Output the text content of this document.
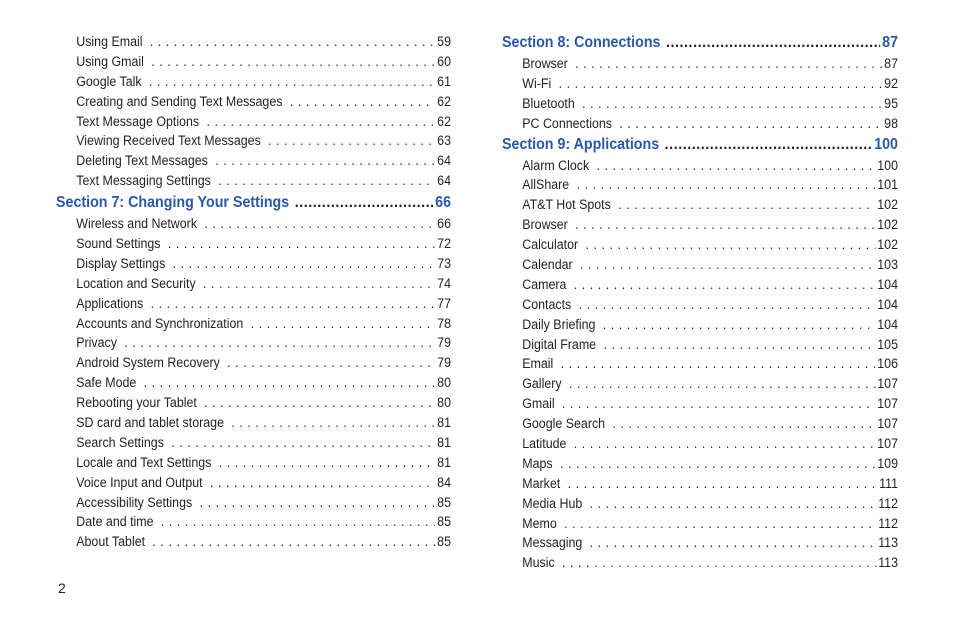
Using Email . . .	59
Using Gmail . . .	60
Google Talk . . .	61
Creating and Sending Text Messages . . .	62
Text Message Options . . .	62
Viewing Received Text Messages . . .	63
Deleting Text Messages . . .	64
Text Messaging Settings . . .	64
Section 7: Changing Your Settings .....	66
Wireless and Network . . .	66
Sound Settings . . .	72
Display Settings . . .	73
Location and Security . . .	74
Applications . . .	77
Accounts and Synchronization . . .	78
Privacy . . .	79
Android System Recovery . . .	79
Safe Mode . . .	80
Rebooting your Tablet . . .	80
SD card and tablet storage . . .	81
Search Settings . . .	81
Locale and Text Settings . . .	81
Voice Input and Output . . .	84
Accessibility Settings . . .	85
Date and time . . .	85
About Tablet . . .	85
Section 8: Connections .....	87
Browser . . .	87
Wi-Fi . . .	92
Bluetooth . . .	95
PC Connections . . .	98
Section 9: Applications .....	100
Alarm Clock . . .	100
AllShare . . .	101
AT&T Hot Spots . . .	102
Browser . . .	102
Calculator . . .	102
Calendar . . .	103
Camera . . .	104
Contacts . . .	104
Daily Briefing . . .	104
Digital Frame . . .	105
Email . . .	106
Gallery . . .	107
Gmail . . .	107
Google Search . . .	107
Latitude . . .	107
Maps . . .	109
Market . . .	111
Media Hub . . .	112
Memo . . .	112
Messaging . . .	113
Music . . .	113
2
